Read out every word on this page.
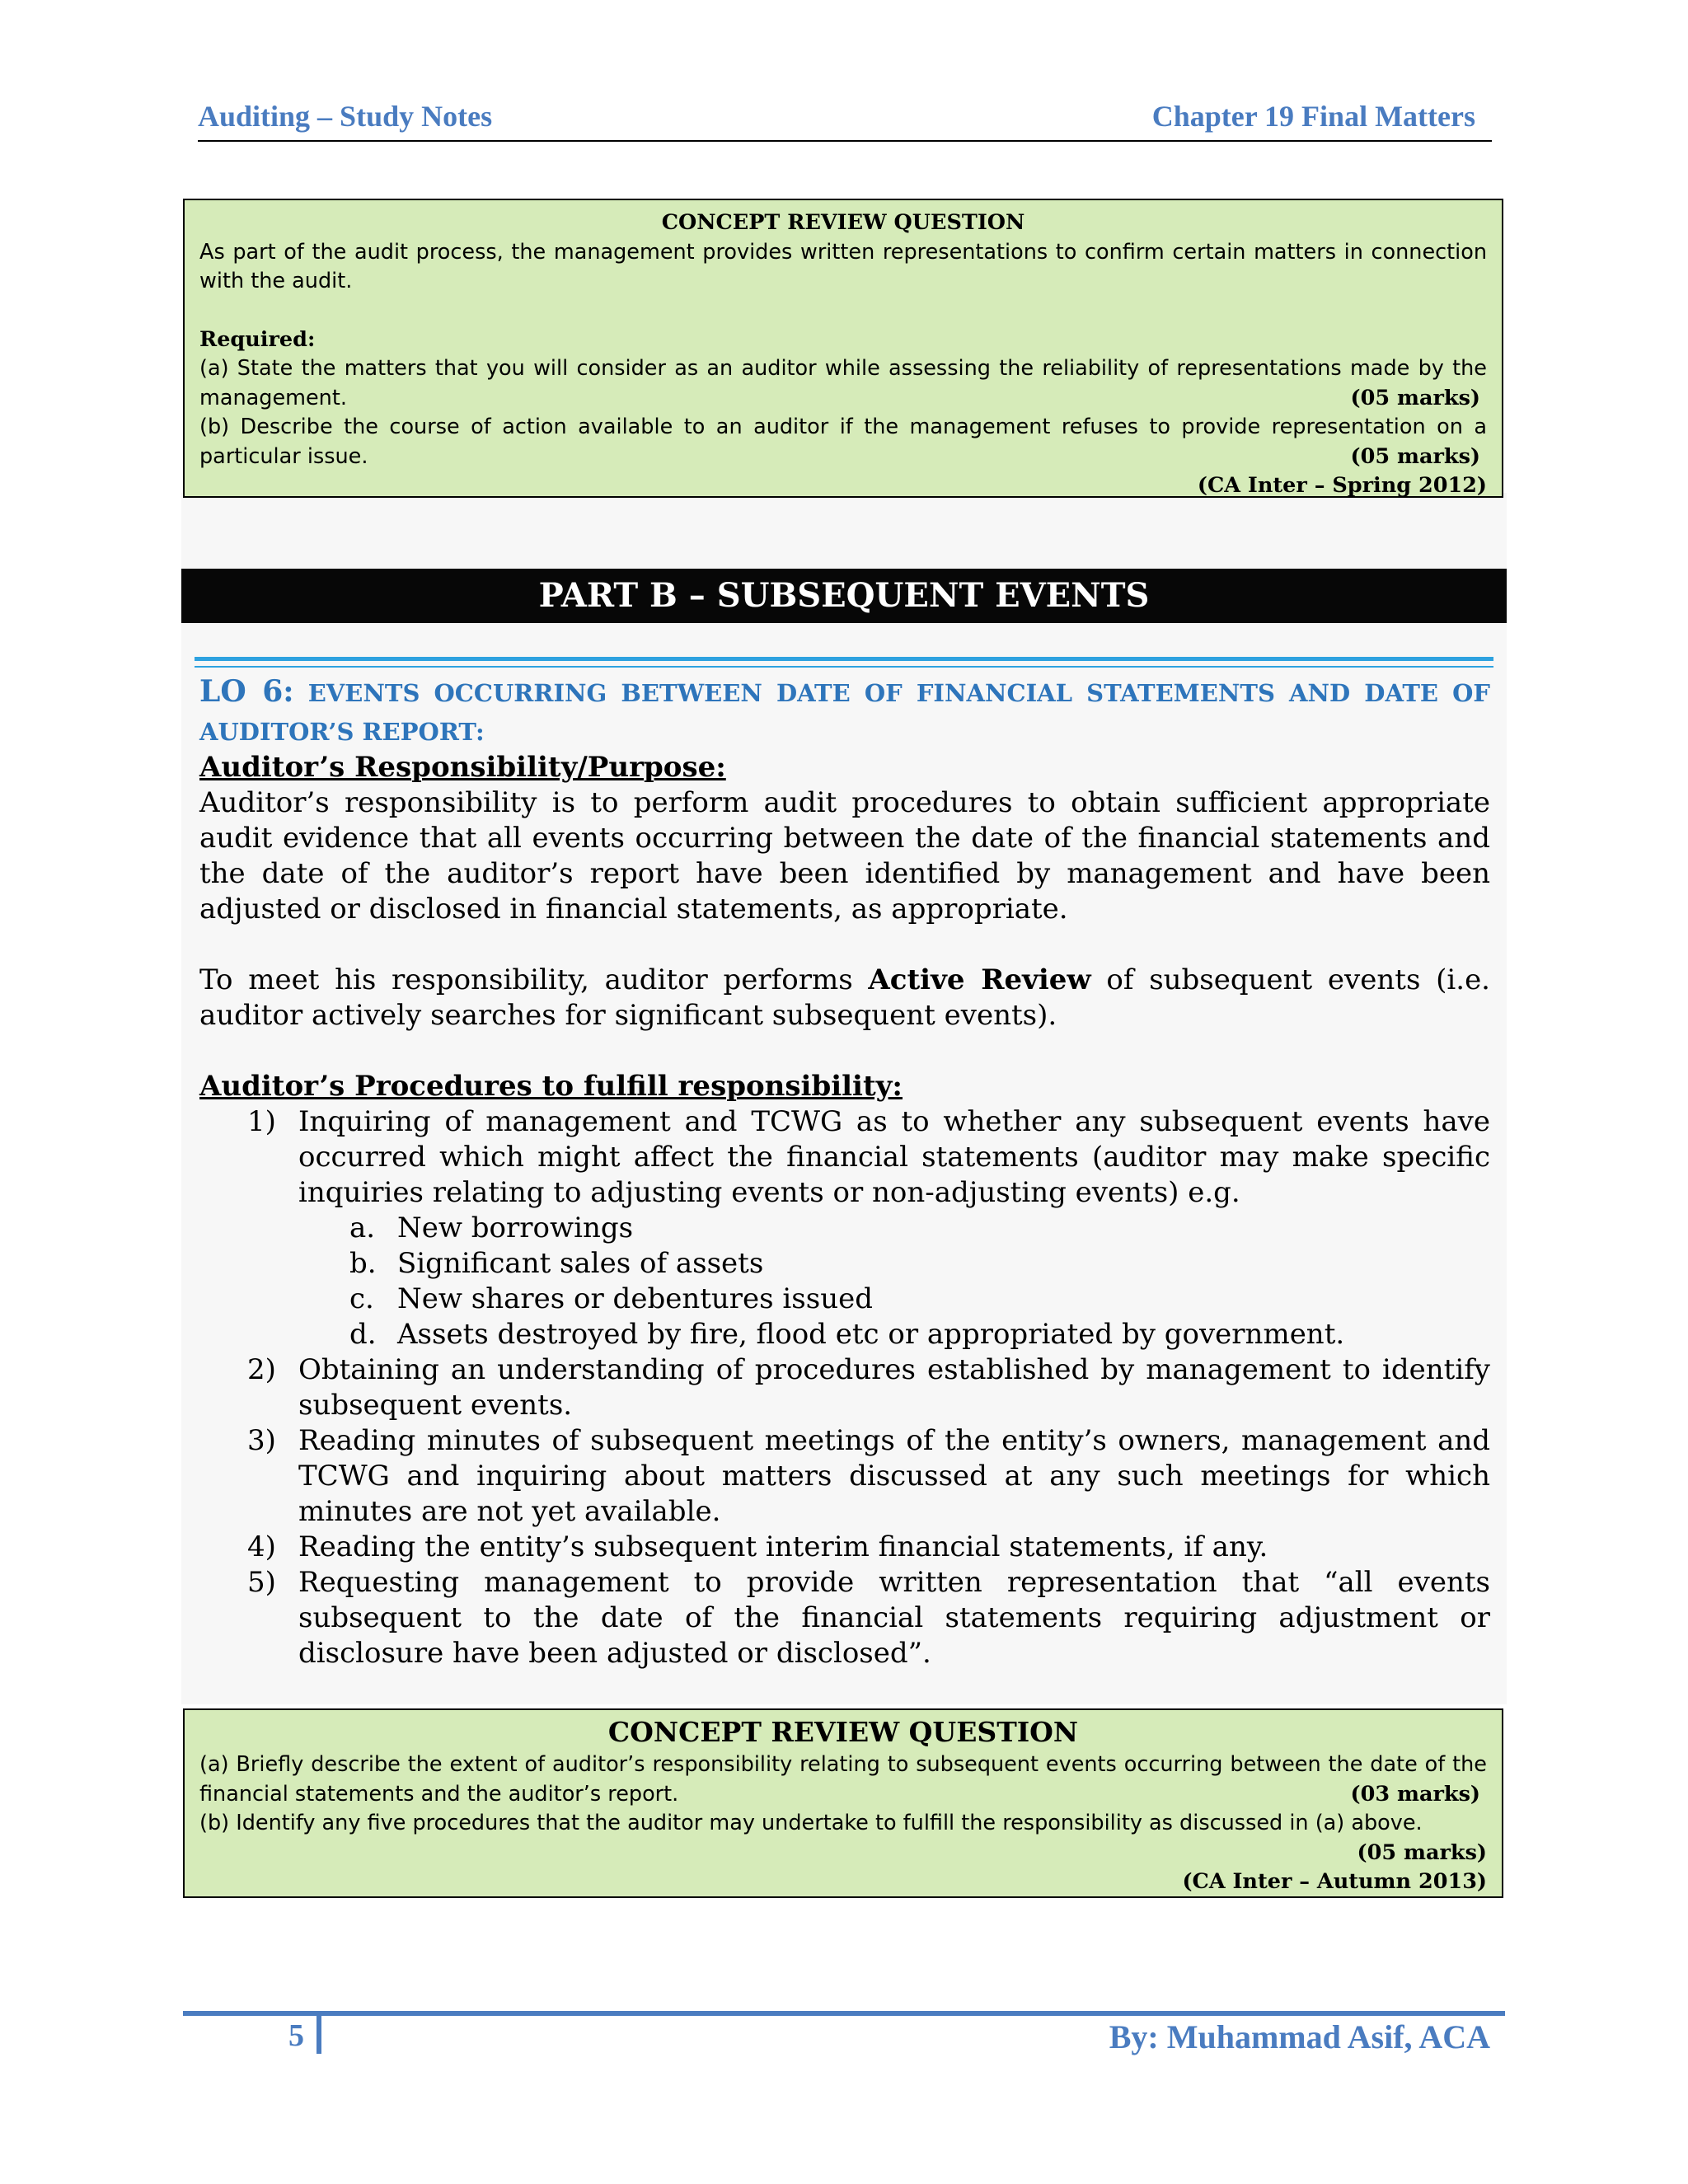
Auditing – Study Notes	Chapter 19 Final Matters
CONCEPT REVIEW QUESTION

As part of the audit process, the management provides written representations to confirm certain matters in connection with the audit.

Required:

(a) State the matters that you will consider as an auditor while assessing the reliability of representations made by the management.	(05 marks)

(b) Describe the course of action available to an auditor if the management refuses to provide representation on a particular issue.	(05 marks)
(CA Inter – Spring 2012)
PART B – SUBSEQUENT EVENTS
LO 6: EVENTS OCCURRING BETWEEN DATE OF FINANCIAL STATEMENTS AND DATE OF AUDITOR’S REPORT:
Auditor’s Responsibility/Purpose:

Auditor’s responsibility is to perform audit procedures to obtain sufficient appropriate audit evidence that all events occurring between the date of the financial statements and the date of the auditor’s report have been identified by management and have been adjusted or disclosed in financial statements, as appropriate.

To meet his responsibility, auditor performs Active Review of subsequent events (i.e. auditor actively searches for significant subsequent events).

Auditor’s Procedures to fulfill responsibility:
1) Inquiring of management and TCWG as to whether any subsequent events have occurred which might affect the financial statements (auditor may make specific inquiries relating to adjusting events or non-adjusting events) e.g.
a. New borrowings
b. Significant sales of assets
c. New shares or debentures issued
d. Assets destroyed by fire, flood etc or appropriated by government.
2) Obtaining an understanding of procedures established by management to identify subsequent events.
3) Reading minutes of subsequent meetings of the entity’s owners, management and TCWG and inquiring about matters discussed at any such meetings for which minutes are not yet available.
4) Reading the entity’s subsequent interim financial statements, if any.
5) Requesting management to provide written representation that “all events subsequent to the date of the financial statements requiring adjustment or disclosure have been adjusted or disclosed”.
CONCEPT REVIEW QUESTION

(a) Briefly describe the extent of auditor’s responsibility relating to subsequent events occurring between the date of the financial statements and the auditor’s report.	(03 marks)

(b) Identify any five procedures that the auditor may undertake to fulfill the responsibility as discussed in (a) above.

(05 marks)
(CA Inter – Autumn 2013)
5	By: Muhammad Asif, ACA
